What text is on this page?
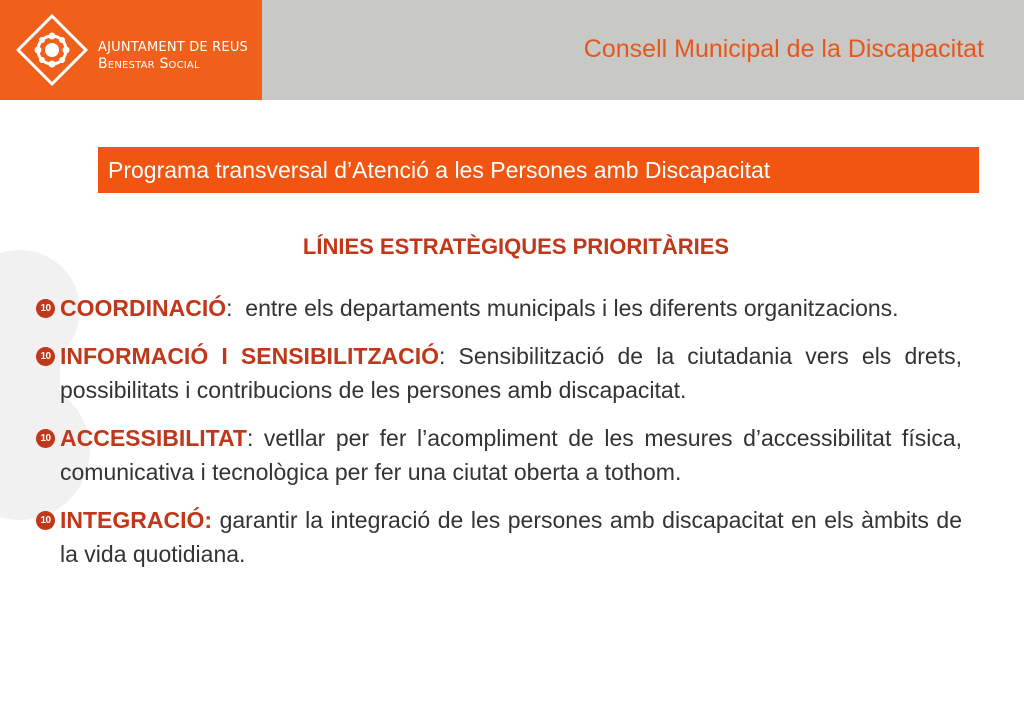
AJUNTAMENT DE REUS
Benestar Social
Consell Municipal de la Discapacitat
Programa transversal d’Atenció a les Persones amb Discapacitat
LÍNIES ESTRATÈGIQUES PRIORITÀRIES
10 COORDINACIÓ:  entre els departaments municipals i les diferents organitzacions.
10 INFORMACIÓ I SENSIBILITZACIÓ: Sensibilització de la ciutadania vers els drets, possibilitats i contribucions de les persones amb discapacitat.
10 ACCESSIBILITAT: vetllar per fer l’acompliment de les mesures d’accessibilitat física, comunicativa i tecnològica per fer una ciutat oberta a tothom.
10 INTEGRACIÓ: garantir la integració de les persones amb discapacitat en els àmbits de la vida quotidiana.
